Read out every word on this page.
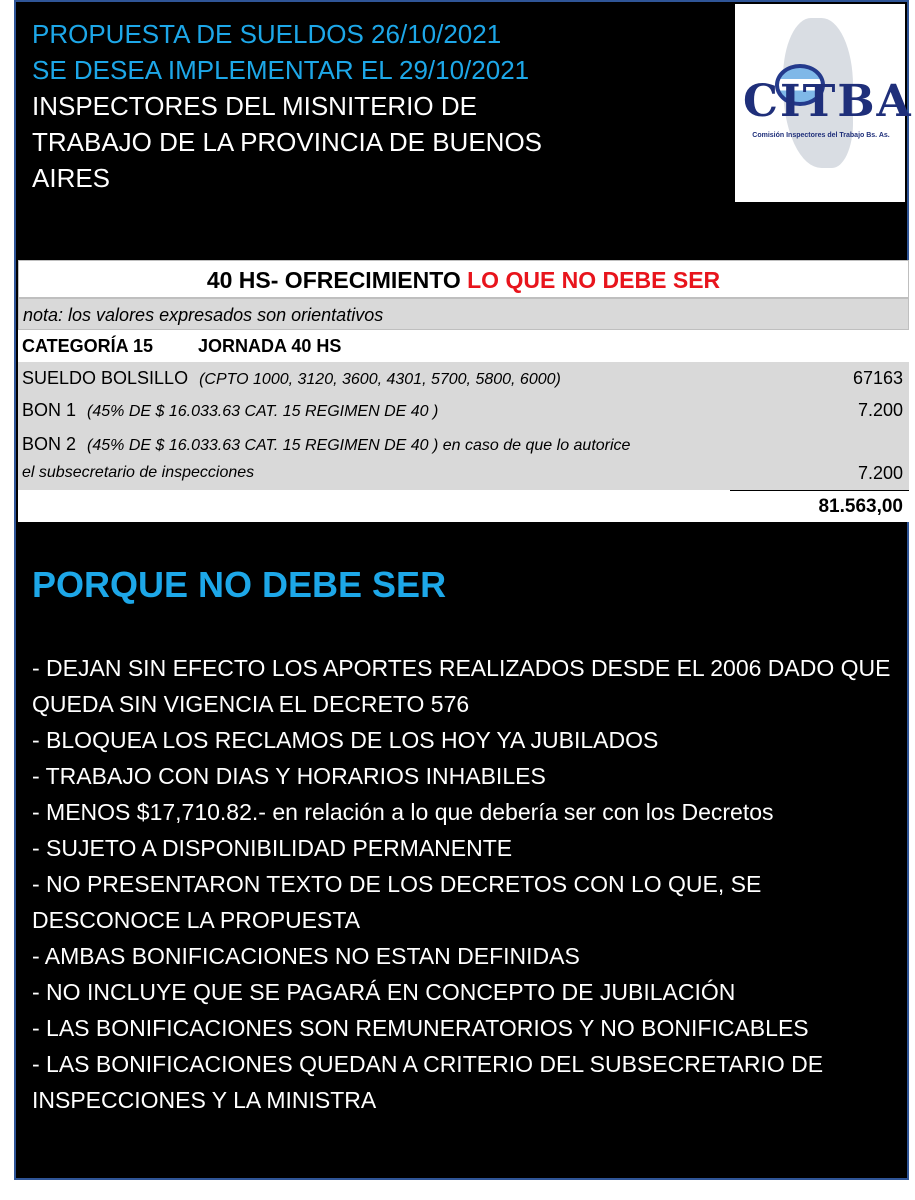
PROPUESTA DE SUELDOS 26/10/2021
SE DESEA IMPLEMENTAR EL 29/10/2021
INSPECTORES DEL MISNITERIO DE
TRABAJO DE LA PROVINCIA DE BUENOS
AIRES
CITBA
Comisión Inspectores del Trabajo Bs. As.
40 HS- OFRECIMIENTO LO QUE NO DEBE SER
nota: los valores expresados son orientativos
CATEGORÍA 15	JORNADA 40 HS
SUELDO BOLSILLO (CPTO 1000, 3120, 3600, 4301, 5700, 5800, 6000)	67163
BON 1 (45% DE $ 16.033.63 CAT. 15 REGIMEN DE 40 )	7.200
BON 2 (45% DE $ 16.033.63 CAT. 15 REGIMEN DE 40 ) en caso de que lo autorice
el subsecretario de inspecciones	7.200
81.563,00
PORQUE NO DEBE SER
- DEJAN SIN EFECTO LOS APORTES REALIZADOS DESDE EL 2006 DADO QUE QUEDA SIN VIGENCIA EL DECRETO 576
- BLOQUEA LOS RECLAMOS DE LOS HOY YA JUBILADOS
- TRABAJO CON DIAS Y HORARIOS INHABILES
- MENOS $17,710.82.- en relación a lo que debería ser con los Decretos
- SUJETO A DISPONIBILIDAD PERMANENTE
- NO PRESENTARON TEXTO DE LOS DECRETOS CON LO QUE, SE DESCONOCE LA PROPUESTA
- AMBAS BONIFICACIONES NO ESTAN DEFINIDAS
- NO INCLUYE QUE SE PAGARÁ EN CONCEPTO DE JUBILACIÓN
- LAS BONIFICACIONES SON REMUNERATORIOS Y NO BONIFICABLES
- LAS BONIFICACIONES QUEDAN A CRITERIO DEL SUBSECRETARIO DE INSPECCIONES Y LA MINISTRA
